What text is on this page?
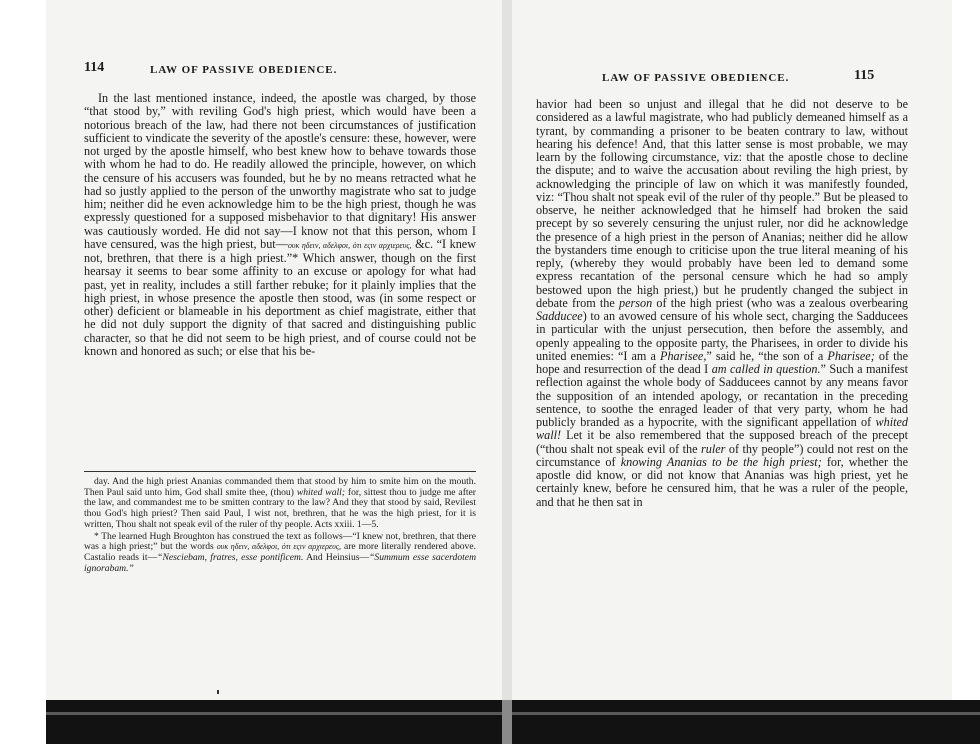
114	LAW OF PASSIVE OBEDIENCE.

In the last mentioned instance, indeed, the apostle was charged, by those “that stood by,” with reviling God's high priest, which would have been a notorious breach of the law, had there not been circumstances of justification sufficient to vindicate the severity of the apostle's censure: these, however, were not urged by the apostle himself, who best knew how to behave towards those with whom he had to do. He readily allowed the principle, however, on which the censure of his accusers was founded, but he by no means retracted what he had so justly applied to the person of the unworthy magistrate who sat to judge him; neither did he even acknowledge him to be the high priest, though he was expressly questioned for a supposed misbehavior to that dignitary! His answer was cautiously worded. He did not say—I know not that this person, whom I have censured, was the high priest, but—ουκ ηδειν, αδελφοι, ὁτι εςιν αρχιερευς, &c. “I knew not, brethren, that there is a high priest.”* Which answer, though on the first hearsay it seems to bear some affinity to an excuse or apology for what had past, yet in reality, includes a still farther rebuke; for it plainly implies that the high priest, in whose presence the apostle then stood, was (in some respect or other) deficient or blameable in his deportment as chief magistrate, either that he did not duly support the dignity of that sacred and distinguishing public character, so that he did not seem to be high priest, and of course could not be known and honored as such; or else that his be-

day. And the high priest Ananias commanded them that stood by him to smite him on the mouth. Then Paul said unto him, God shall smite thee, (thou) whited wall; for, sittest thou to judge me after the law, and commandest me to be smitten contrary to the law? And they that stood by said, Revilest thou God's high priest? Then said Paul, I wist not, brethren, that he was the high priest, for it is written, Thou shalt not speak evil of the ruler of thy people. Acts xxiii. 1—5.

* The learned Hugh Broughton has construed the text as follows—“I knew not, brethren, that there was a high priest;” but the words ουκ ηδειν, αδελφοι, ὁτι εςιν αρχιερευς, are more literally rendered above. Castalio reads it—“Nesciebam, fratres, esse pontificem. And Heinsius—“Summum esse sacerdotem ignorabam.”

LAW OF PASSIVE OBEDIENCE.	115

havior had been so unjust and illegal that he did not deserve to be considered as a lawful magistrate, who had publicly demeaned himself as a tyrant, by commanding a prisoner to be beaten contrary to law, without hearing his defence! And, that this latter sense is most probable, we may learn by the following circumstance, viz: that the apostle chose to decline the dispute; and to waive the accusation about reviling the high priest, by acknowledging the principle of law on which it was manifestly founded, viz: “Thou shalt not speak evil of the ruler of thy people.” But be pleased to observe, he neither acknowledged that he himself had broken the said precept by so severely censuring the unjust ruler, nor did he acknowledge the presence of a high priest in the person of Ananias; neither did he allow the bystanders time enough to criticise upon the true literal meaning of his reply, (whereby they would probably have been led to demand some express recantation of the personal censure which he had so amply bestowed upon the high priest,) but he prudently changed the subject in debate from the person of the high priest (who was a zealous overbearing Sadducee) to an avowed censure of his whole sect, charging the Sadducees in particular with the unjust persecution, then before the assembly, and openly appealing to the opposite party, the Pharisees, in order to divide his united enemies: “I am a Pharisee,” said he, “the son of a Pharisee; of the hope and resurrection of the dead I am called in question.” Such a manifest reflection against the whole body of Sadducees cannot by any means favor the supposition of an intended apology, or recantation in the preceding sentence, to soothe the enraged leader of that very party, whom he had publicly branded as a hypocrite, with the significant appellation of whited wall! Let it be also remembered that the supposed breach of the precept (“thou shalt not speak evil of the ruler of thy people”) could not rest on the circumstance of knowing Ananias to be the high priest; for, whether the apostle did know, or did not know that Ananias was high priest, yet he certainly knew, before he censured him, that he was a ruler of the people, and that he then sat in
